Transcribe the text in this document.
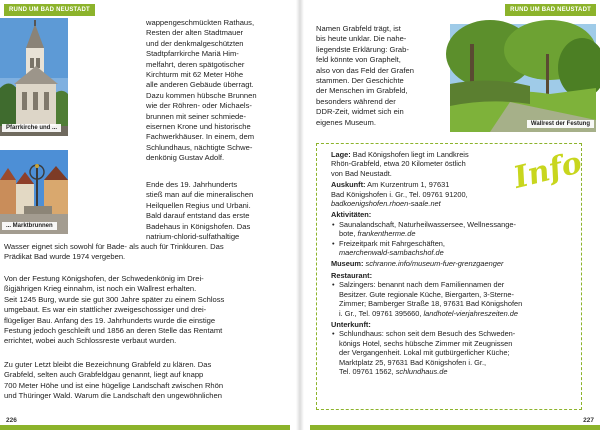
RUND UM BAD NEUSTADT
Pfarrkirche und ...
... Marktbrunnen

wappengeschmückten Rathaus,

Resten der alten Stadtmauer

und der denkmalgeschützten

Stadtpfarrkirche Mariä Him-

melfahrt, deren spätgotischer

Kirchturm mit 62 Meter Höhe

alle anderen Gebäude überragt.

Dazu kommen hübsche Brunnen

wie der Röhren- oder Michaels-

brunnen mit seiner schmiede-

eisernen Krone und historische

Fachwerkhäuser. In einem, dem

Schlundhaus, nächtigte Schwe-

denkönig Gustav Adolf.

Ende des 19. Jahrhunderts

stieß man auf die mineralischen

Heilquellen Regius und Urbani.

Bald darauf entstand das erste

Badehaus in Königshofen. Das

natrium-chlorid-sulfathaltige

Wasser eignet sich sowohl für Bade- als auch für Trinkkuren. Das

Prädikat Bad wurde 1974 vergeben.

Von der Festung Königshofen, der Schwedenkönig im Drei-

ßigjährigen Krieg einnahm, ist noch ein Wallrest erhalten.

Seit 1245 Burg, wurde sie gut 300 Jahre später zu einem Schloss

umgebaut. Es war ein stattlicher zweigeschossiger und drei-

flügeliger Bau. Anfang des 19. Jahrhunderts wurde die einstige

Festung jedoch geschleift und 1856 an deren Stelle das Rentamt

errichtet, wobei auch Schlossreste verbaut wurden.

Zu guter Letzt bleibt die Bezeichnung Grabfeld zu klären. Das

Grabfeld, selten auch Grabfeldgau genannt, liegt auf knapp

700 Meter Höhe und ist eine hügelige Landschaft zwischen Rhön

und Thüringer Wald. Warum die Landschaft den ungewöhnlichen

226
RUND UM BAD NEUSTADT

Namen Grabfeld trägt, ist

bis heute unklar. Die nahe-

liegendste Erklärung: Grab-

feld könnte von Graphelt,

also von das Feld der Grafen

stammen. Der Geschichte

der Menschen im Grabfeld,

besonders während der

DDR-Zeit, widmet sich ein

eigenes Museum.	Wallrest der Festung
Info
Lage: Bad Königshofen liegt im Landkreis
Rhön-Grabfeld, etwa 20 Kilometer östlich
von Bad Neustadt.
Auskunft: Am Kurzentrum 1, 97631
Bad Königshofen i. Gr., Tel. 09761 91200,
badkoenigshofen.rhoen-saale.net
Aktivitäten:
• Saunalandschaft, Naturheilwassersee, Wellnessange-
bote, frankentherme.de
• Freizeitpark mit Fahrgeschäften,
maerchenwald-sambachshof.de
Museum: schranne.info/museum-fuer-grenzgaenger
Restaurant:
• Salzingers: benannt nach dem Familiennamen der
Besitzer. Gute regionale Küche, Biergarten, 3-Sterne-
Zimmer; Bamberger Straße 18, 97631 Bad Königshofen
i. Gr., Tel. 09761 395660, landhotel-vierjahreszeiten.de
Unterkunft:
• Schlundhaus: schon seit dem Besuch des Schweden-
königs Hotel, sechs hübsche Zimmer mit Zeugnissen
der Vergangenheit. Lokal mit gutbürgerlicher Küche;
Marktplatz 25, 97631 Bad Königshofen i. Gr.,
Tel. 09761 1562, schlundhaus.de
227
